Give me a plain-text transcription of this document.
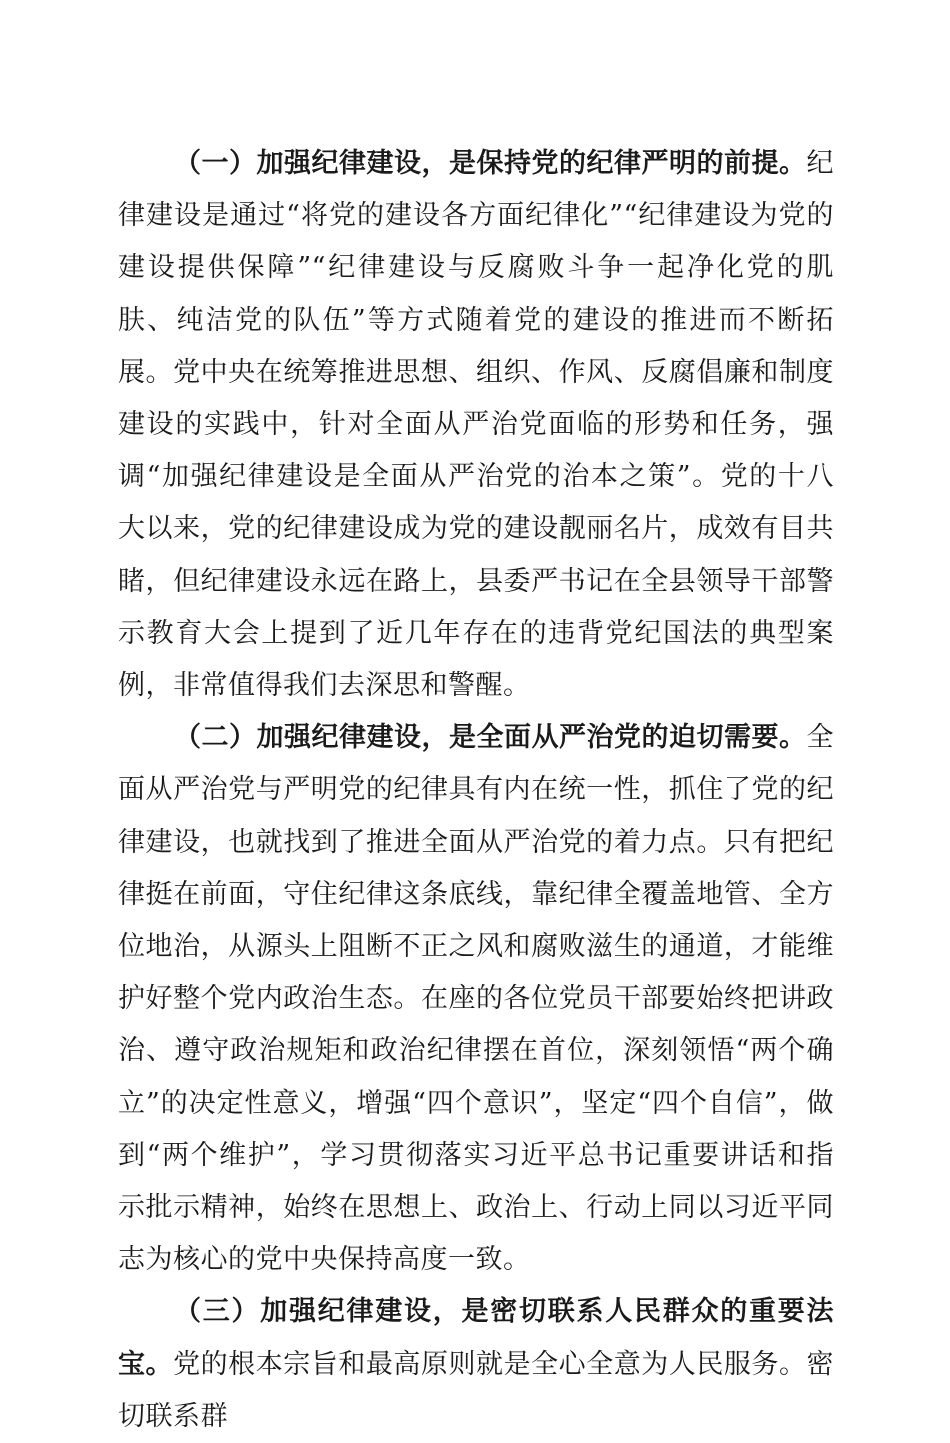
（一）加强纪律建设，是保持党的纪律严明的前提。纪律建设是通过“将党的建设各方面纪律化”“纪律建设为党的建设提供保障”“纪律建设与反腐败斗争一起净化党的肌肤、纯洁党的队伍”等方式随着党的建设的推进而不断拓展。党中央在统筹推进思想、组织、作风、反腐倡廉和制度建设的实践中，针对全面从严治党面临的形势和任务，强调“加强纪律建设是全面从严治党的治本之策”。党的十八大以来，党的纪律建设成为党的建设靓丽名片，成效有目共睹，但纪律建设永远在路上，县委严书记在全县领导干部警示教育大会上提到了近几年存在的违背党纪国法的典型案例，非常值得我们去深思和警醒。

（二）加强纪律建设，是全面从严治党的迫切需要。全面从严治党与严明党的纪律具有内在统一性，抓住了党的纪律建设，也就找到了推进全面从严治党的着力点。只有把纪律挺在前面，守住纪律这条底线，靠纪律全覆盖地管、全方位地治，从源头上阻断不正之风和腐败滋生的通道，才能维护好整个党内政治生态。在座的各位党员干部要始终把讲政治、遵守政治规矩和政治纪律摆在首位，深刻领悟“两个确立”的决定性意义，增强“四个意识”，坚定“四个自信”，做到“两个维护”，学习贯彻落实习近平总书记重要讲话和指示批示精神，始终在思想上、政治上、行动上同以习近平同志为核心的党中央保持高度一致。

（三）加强纪律建设，是密切联系人民群众的重要法宝。党的根本宗旨和最高原则就是全心全意为人民服务。密切联系群
